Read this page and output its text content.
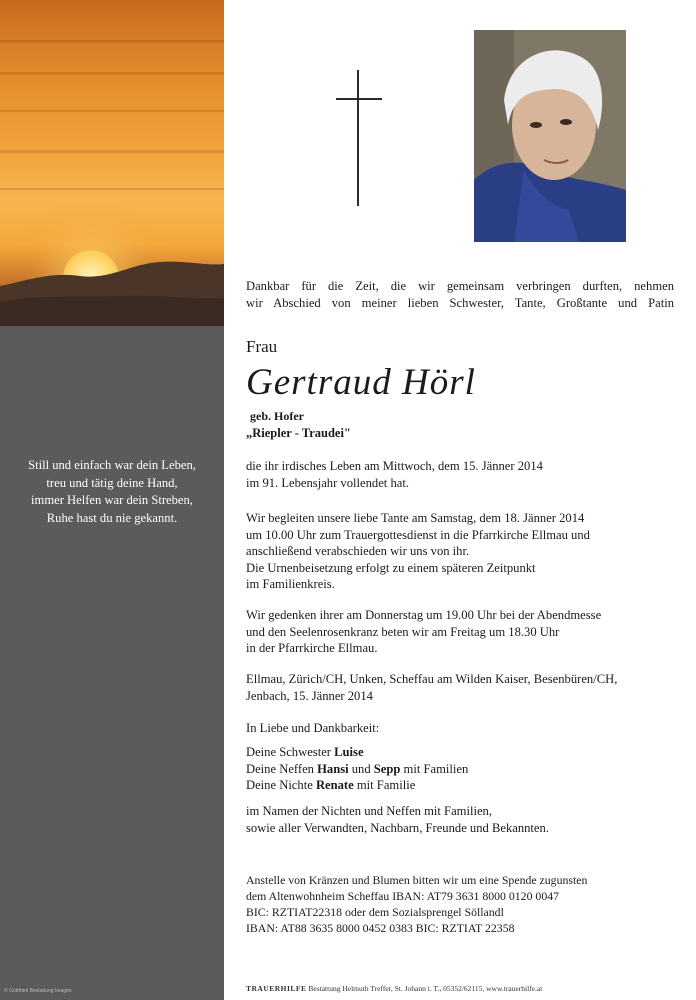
Still und einfach war dein Leben,
treu und tätig deine Hand,
immer Helfen war dein Streben,
Ruhe hast du nie gekannt.
© Gottfried Bestattung Images
Dankbar für die Zeit, die wir gemeinsam verbringen durften, nehmen
wir Abschied von meiner lieben Schwester, Tante, Großtante und Patin
Frau
Gertraud Hörl
geb. Hofer
„Riepler - Traudei"
die ihr irdisches Leben am Mittwoch, dem 15. Jänner 2014
im 91. Lebensjahr vollendet hat.
Wir begleiten unsere liebe Tante am Samstag, dem 18. Jänner 2014
um 10.00 Uhr zum Trauergottesdienst in die Pfarrkirche Ellmau und
anschließend verabschieden wir uns von ihr.
Die Urnenbeisetzung erfolgt zu einem späteren Zeitpunkt
im Familienkreis.
Wir gedenken ihrer am Donnerstag um 19.00 Uhr bei der Abendmesse
und den Seelenrosenkranz beten wir am Freitag um 18.30 Uhr
in der Pfarrkirche Ellmau.
Ellmau, Zürich/CH, Unken, Scheffau am Wilden Kaiser, Besenbüren/CH,
Jenbach, 15. Jänner 2014
In Liebe und Dankbarkeit:
Deine Schwester Luise
Deine Neffen Hansi und Sepp mit Familien
Deine Nichte Renate mit Familie
im Namen der Nichten und Neffen mit Familien,
sowie aller Verwandten, Nachbarn, Freunde und Bekannten.
Anstelle von Kränzen und Blumen bitten wir um eine Spende zugunsten
dem Altenwohnheim Scheffau IBAN: AT79 3631 8000 0120 0047
BIC: RZTIAT22318 oder dem Sozialsprengel Söllandl
IBAN: AT88 3635 8000 0452 0383 BIC: RZTIAT 22358
TRAUERHILFE Bestattung Helmuth Treffer, St. Johann i. T., 05352/62115, www.trauerhilfe.at
